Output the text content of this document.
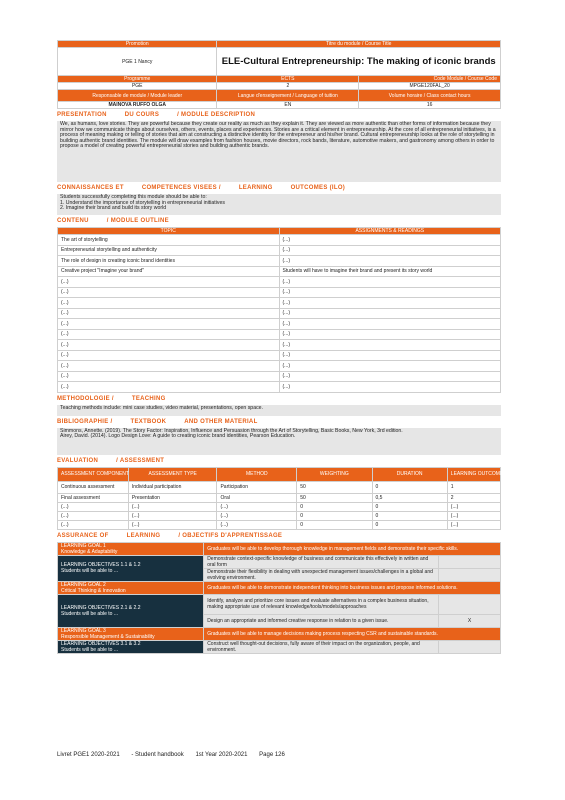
Promotion	Titre du module / Course Title	
PGE 1 Nancy	ELE-Cultural Entrepreneurship: The making of iconic brands	
Programme	ECTS	Code Module / Course Code
PGE	2	MPGE120FAL_20
Responsable de module / Module leader	Langue d'enseignement / Language of tuition	Volume horaire / Class contact hours
MAINOVA RUFFO OLGA	EN	16
PRESENTATION	DU COURS	/ MODULE DESCRIPTION
We, as humans, love stories. They are powerful because they create our reality as much as they explain it. They are viewed as more authentic than other forms of information because they mirror how we communicate things about ourselves, others, events, places and experiences. Stories are a critical element in entrepreneurship. At the core of all entrepreneurial initiatives, is a process of meaning making or telling of stories that aim at constructing a distinctive identity for the entrepreneur and his/her brand. Cultural entrepreneurship looks at the role of storytelling in building authentic brand identities. The module will draw examples from fashion houses, movie directors, rock bands, literature, automotive makers, and gastronomy among others in order to propose a model of creating powerful entrepreneurial stories and building authentic brands.
CONNAISSANCES ET	COMPETENCES VISEES /	LEARNING	OUTCOMES (ILO)
Students successfully completing this module should be able to:
1. Understand the importance of storytelling in entrepreneurial initiatives
2. Imagine their brand and build its story world
CONTENU	/ MODULE OUTLINE
TOPIC	ASSIGNMENTS & READINGS
The art of storytelling	(...)
Entrepreneurial storytelling and authenticity	(...)
The role of design in creating iconic brand identities	(...)
Creative project "Imagine your brand"	Students will have to imagine their brand and present its story world
(...)	(...)
(...)	(...)
(...)	(...)
(...)	(...)
(...)	(...)
(...)	(...)
(...)	(...)
(...)	(...)
(...)	(...)
(...)	(...)
(...)	(...)
METHODOLOGIE /	TEACHING
Teaching methods include: mini case studies, video material, presentations, open space.
BIBLIOGRAPHIE /	TEXTBOOK	AND OTHER MATERIAL
Simmons, Annette. (2019). The Story Factor: Inspiration, Influence and Persuasion through the Art of Storytelling, Basic Books, New York, 3rd edition.
Airey, David. (2014). Logo Design Love: A guide to creating iconic brand identities, Pearson Education.
EVALUATION	/ ASSESSMENT
ASSESSMENT COMPONENT	ASSESSMENT TYPE	METHOD	WEIGHTING	DURATION	LEARNING OUTCOMES (ILO)
Continuous assessment	Individual participation	Participation	50	0	1
Final assessment	Presentation	Oral	50	0,5	2
(...)	(...)	(...)	0	0	(...)
(...)	(...)	(...)	0	0	(...)
(...)	(...)	(...)	0	0	(...)
ASSURANCE OF	LEARNING	/ OBJECTIFS D'APPRENTISSAGE
LEARNING GOAL 1
Knowledge & Adaptability	Graduates will be able to develop thorough knowledge in management fields and demonstrate their specific skills.	

LEARNING OBJECTIVES 1.1 & 1.2
Students will be able to ...	Demonstrate context-specific knowledge of business and communicate this effectively in written and oral form	
	Demonstrate their flexibility in dealing with unexpected management issues/challenges in a global and evolving environment.	

LEARNING GOAL 2
Critical Thinking & Innovation	Graduates will be able to demonstrate independent thinking into business issues and propose informed solutions.	

LEARNING OBJECTIVES 2.1 & 2.2
Students will be able to ...	Identify, analyze and prioritize core issues and evaluate alternatives in a complex business situation, making appropriate use of relevant knowledge/tools/models/approaches	
	Design an appropriate and informed creative response in relation to a given issue.	X

LEARNING GOAL 3
Responsible Management & Sustainability	Graduates will be able to manage decisions making process respecting CSR and sustainable standards.	

LEARNING OBJECTIVES 3.1 & 3.2
Students will be able to ...	Construct well thought-out decisions, fully aware of their impact on the organization, people, and environment.	
Livret PGE1 2020-2021 - Student handbook 1st Year 2020-2021 Page 126
